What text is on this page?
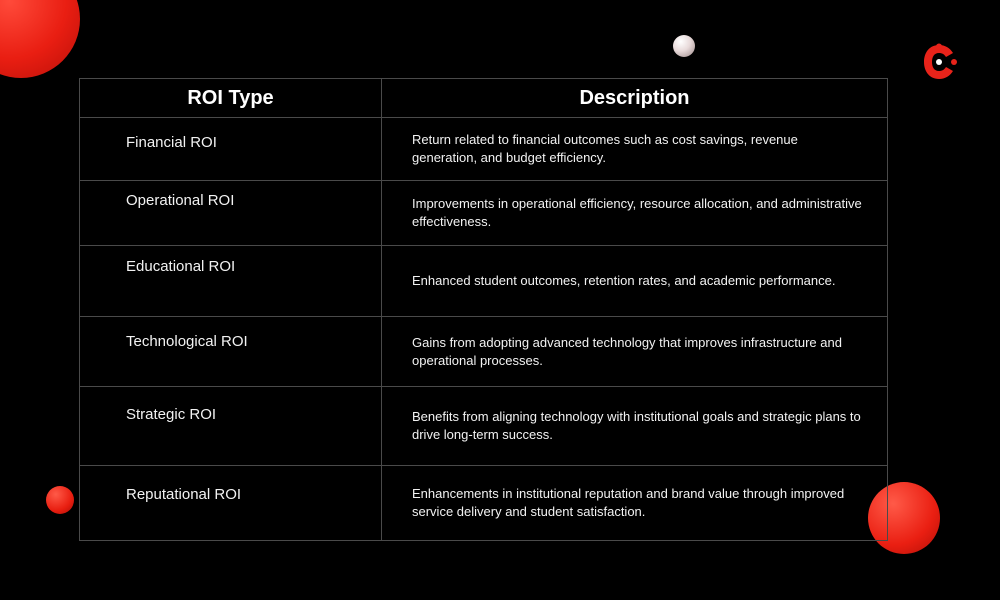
ROI Type	Description
Financial ROI	Return related to financial outcomes such as cost savings, revenue generation, and budget efficiency.
Operational ROI	Improvements in operational efficiency, resource allocation, and administrative effectiveness.
Educational ROI	Enhanced student outcomes, retention rates, and academic performance.
Technological ROI	Gains from adopting advanced technology that improves infrastructure and operational processes.
Strategic ROI	Benefits from aligning technology with institutional goals and strategic plans to drive long-term success.
Reputational ROI	Enhancements in institutional reputation and brand value through improved service delivery and student satisfaction.
